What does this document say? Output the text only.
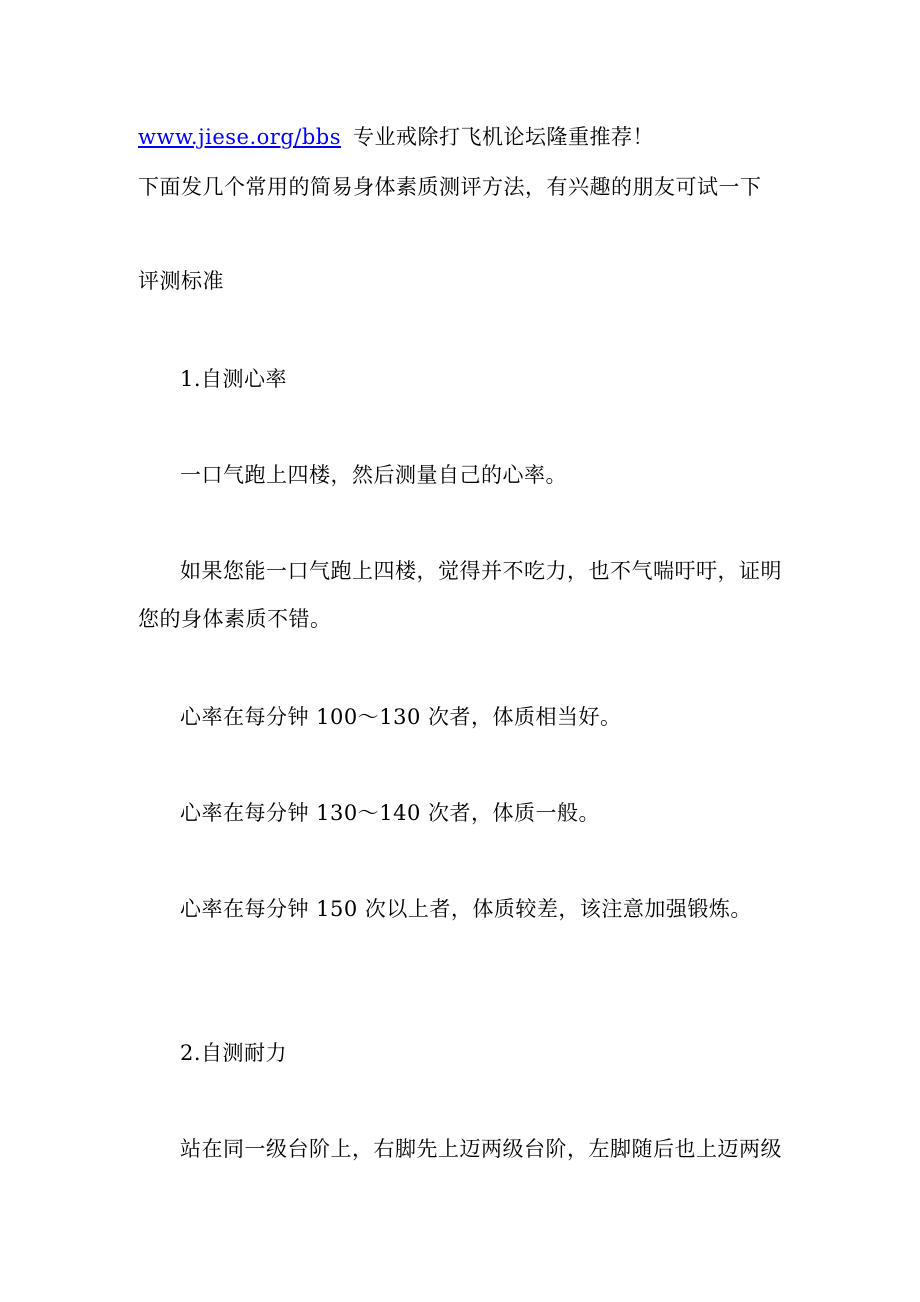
www.jiese.org/bbs 专业戒除打飞机论坛隆重推荐！
下面发几个常用的简易身体素质测评方法，有兴趣的朋友可试一下
评测标准
1.自测心率
一口气跑上四楼，然后测量自己的心率。
如果您能一口气跑上四楼，觉得并不吃力，也不气喘吁吁，证明
您的身体素质不错。
心率在每分钟 100～130 次者，体质相当好。
心率在每分钟 130～140 次者，体质一般。
心率在每分钟 150 次以上者，体质较差，该注意加强锻炼。
2.自测耐力
站在同一级台阶上，右脚先上迈两级台阶，左脚随后也上迈两级
